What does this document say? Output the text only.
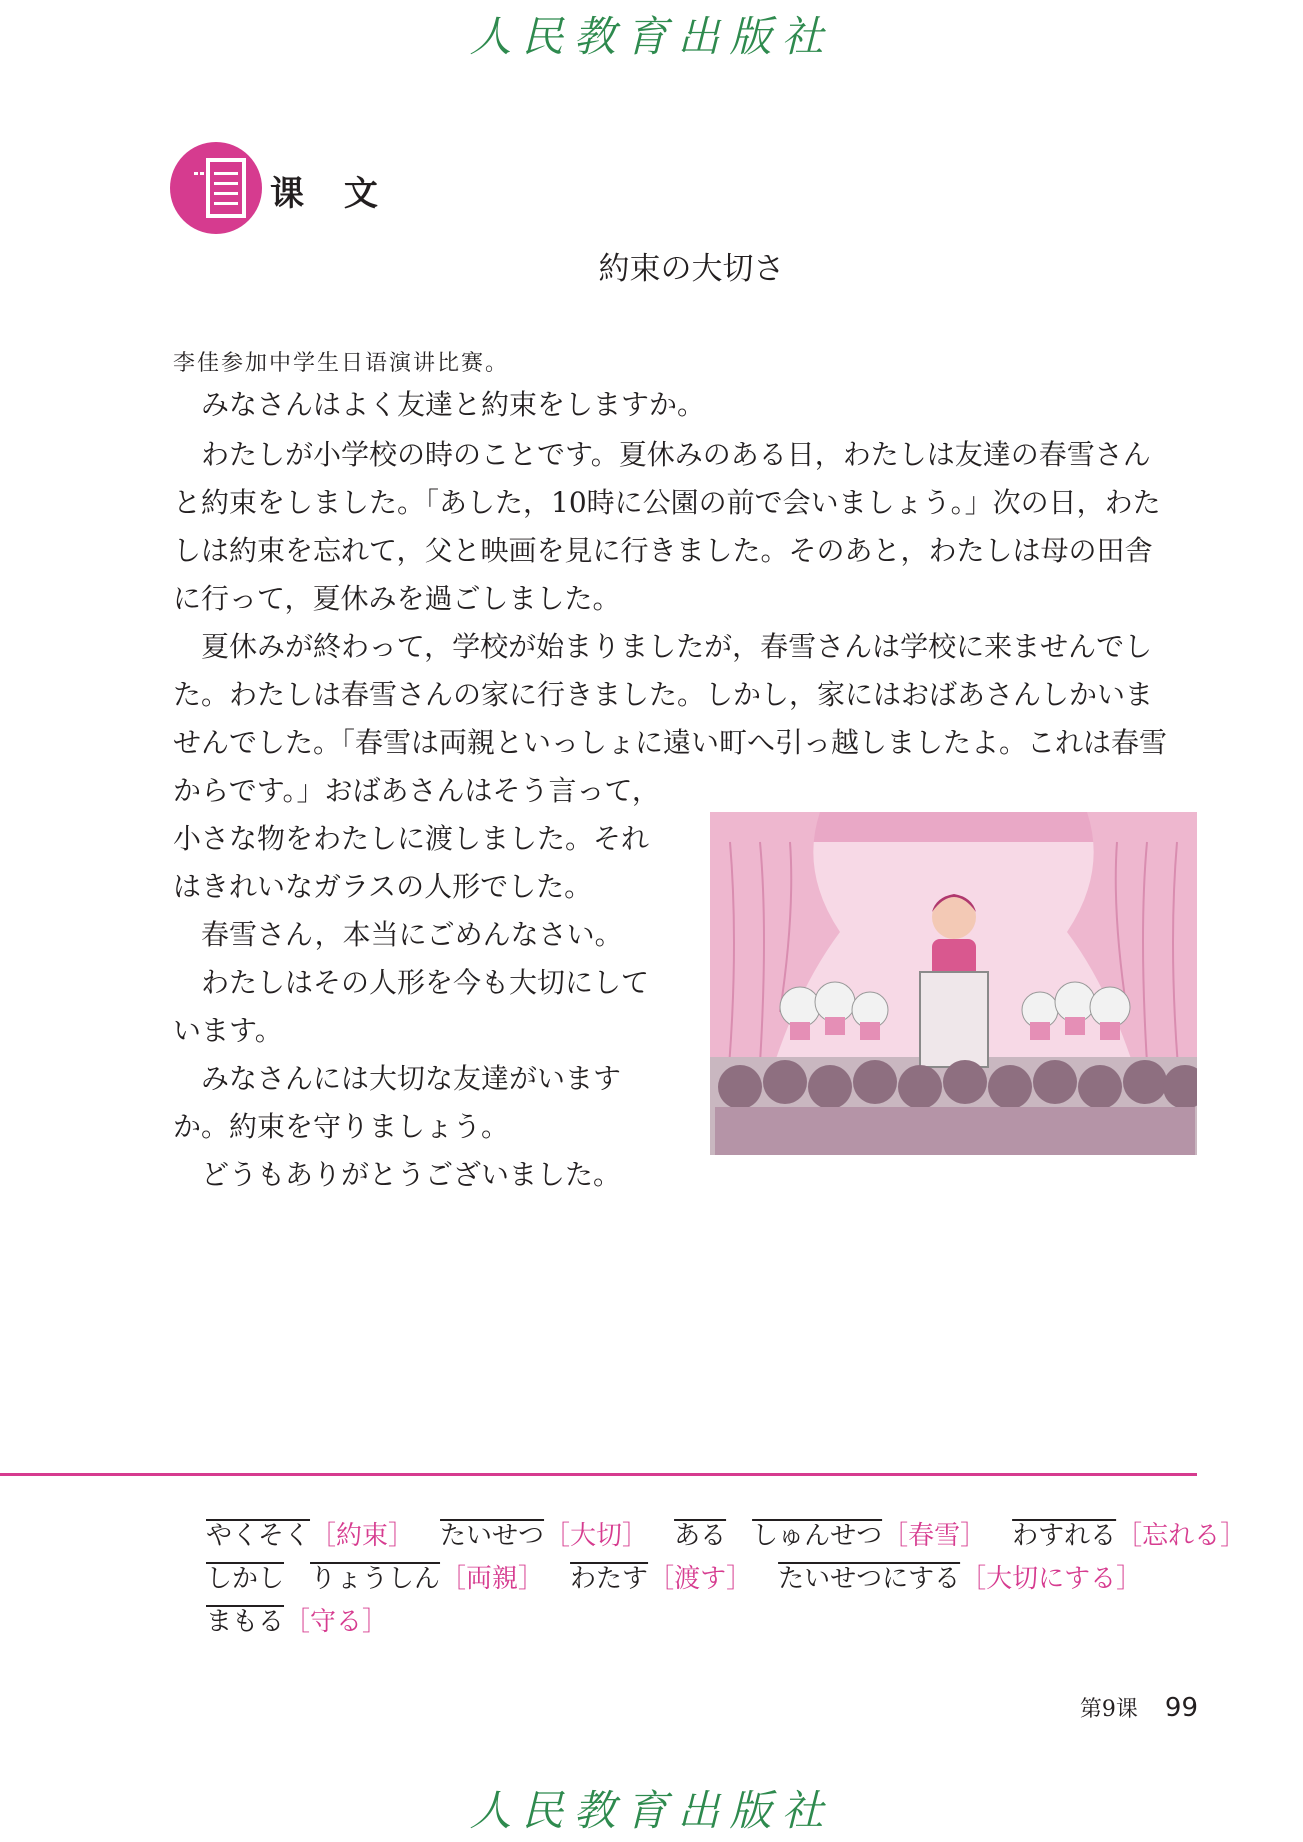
人民教育出版社
课 文
約束の大切さ
李佳参加中学生日语演讲比赛。
　みなさんはよく友達と約束をしますか。
　わたしが小学校の時のことです。夏休みのある日，わたしは友達の春雪さん
と約束をしました。「あした，10時に公園の前で会いましょう。」次の日，わた
しは約束を忘れて，父と映画を見に行きました。そのあと，わたしは母の田舎
に行って，夏休みを過ごしました。
　夏休みが終わって，学校が始まりましたが，春雪さんは学校に来ませんでし
た。わたしは春雪さんの家に行きました。しかし，家にはおばあさんしかいま
せんでした。「春雪は両親といっしょに遠い町へ引っ越しましたよ。これは春雪
からです。」おばあさんはそう言って，
小さな物をわたしに渡しました。それ
はきれいなガラスの人形でした。
　春雪さん，本当にごめんなさい。
　わたしはその人形を今も大切にして
います。
　みなさんには大切な友達がいます
か。約束を守りましょう。
　どうもありがとうございました。
やくそく［約束］ たいせつ［大切］ ある しゅんせつ［春雪］ わすれる［忘れる］
しかし りょうしん［両親］ わたす［渡す］ たいせつにする［大切にする］
まもる［守る］
第9课 99
人民教育出版社
